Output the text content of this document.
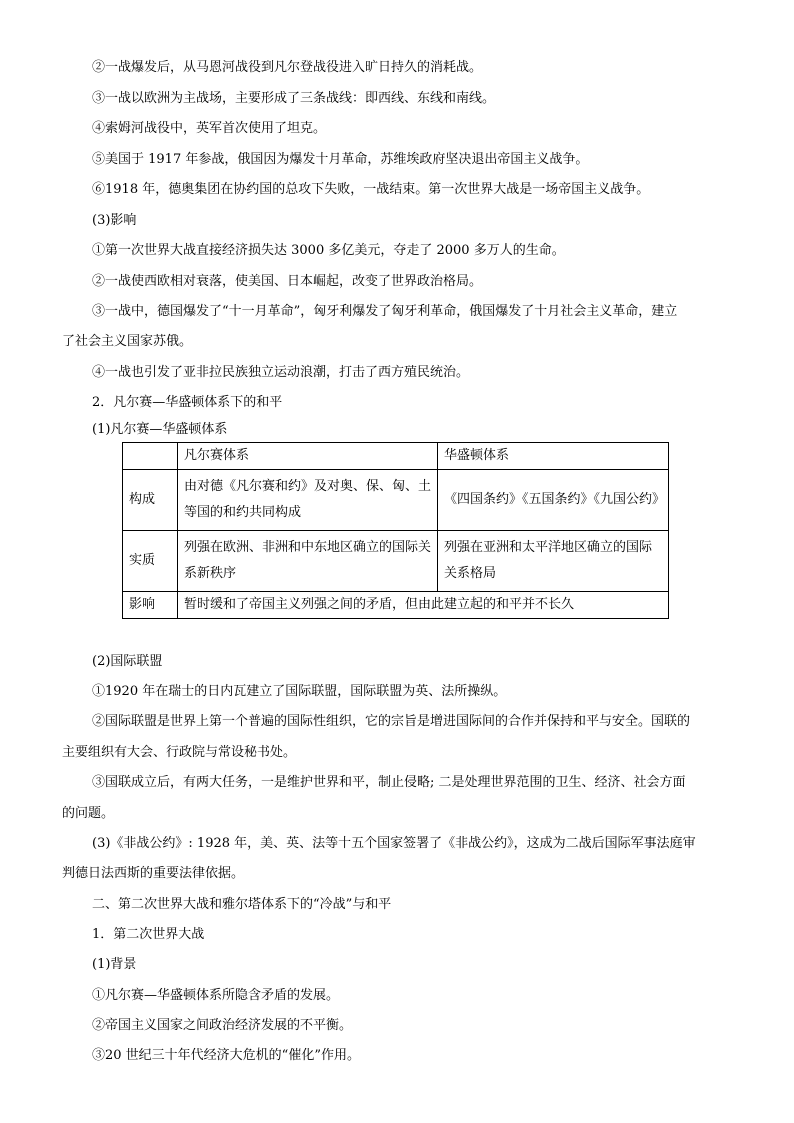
②一战爆发后，从马恩河战役到凡尔登战役进入旷日持久的消耗战。
③一战以欧洲为主战场，主要形成了三条战线：即西线、东线和南线。
④索姆河战役中，英军首次使用了坦克。
⑤美国于 1917 年参战，俄国因为爆发十月革命，苏维埃政府坚决退出帝国主义战争。
⑥1918 年，德奥集团在协约国的总攻下失败，一战结束。第一次世界大战是一场帝国主义战争。
(3)影响
①第一次世界大战直接经济损失达 3000 多亿美元，夺走了 2000 多万人的生命。
②一战使西欧相对衰落，使美国、日本崛起，改变了世界政治格局。
③一战中，德国爆发了“十一月革命”，匈牙利爆发了匈牙利革命，俄国爆发了十月社会主义革命，建立
了社会主义国家苏俄。
④一战也引发了亚非拉民族独立运动浪潮，打击了西方殖民统治。
2．凡尔赛—华盛顿体系下的和平
(1)凡尔赛—华盛顿体系
	凡尔赛体系	华盛顿体系
构成	由对德《凡尔赛和约》及对奥、保、匈、土等国的和约共同构成	《四国条约》《五国条约》《九国公约》
实质	列强在欧洲、非洲和中东地区确立的国际关系新秩序	列强在亚洲和太平洋地区确立的国际关系格局
影响	暂时缓和了帝国主义列强之间的矛盾，但由此建立起的和平并不长久	
(2)国际联盟
①1920 年在瑞士的日内瓦建立了国际联盟，国际联盟为英、法所操纵。
②国际联盟是世界上第一个普遍的国际性组织，它的宗旨是增进国际间的合作并保持和平与安全。国联的
主要组织有大会、行政院与常设秘书处。
③国联成立后，有两大任务，一是维护世界和平，制止侵略; 二是处理世界范围的卫生、经济、社会方面
的问题。
(3)《非战公约》: 1928 年，美、英、法等十五个国家签署了《非战公约》，这成为二战后国际军事法庭审
判德日法西斯的重要法律依据。
二、第二次世界大战和雅尔塔体系下的“冷战”与和平
1．第二次世界大战
(1)背景
①凡尔赛—华盛顿体系所隐含矛盾的发展。
②帝国主义国家之间政治经济发展的不平衡。
③20 世纪三十年代经济大危机的“催化”作用。
